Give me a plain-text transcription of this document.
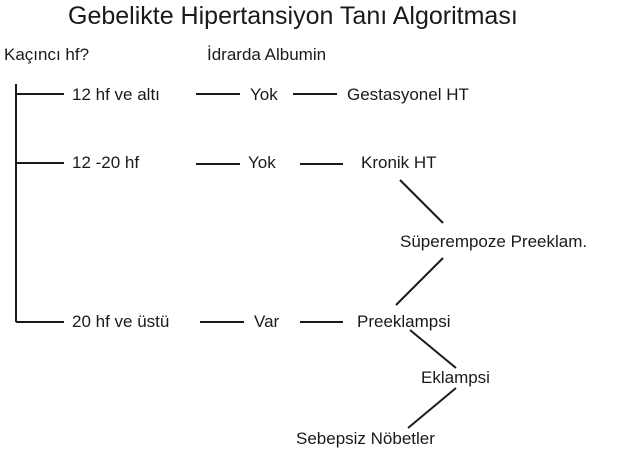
Gebelikte Hipertansiyon Tanı Algoritması
Kaçıncı hf?	İdrarda Albumin
12 hf ve altı	Yok	Gestasyonel HT
12 -20 hf	Yok	Kronik HT
Süperempoze Preeklam.
20 hf ve üstü	Var	Preeklampsi
Eklampsi
Sebepsiz Nöbetler
